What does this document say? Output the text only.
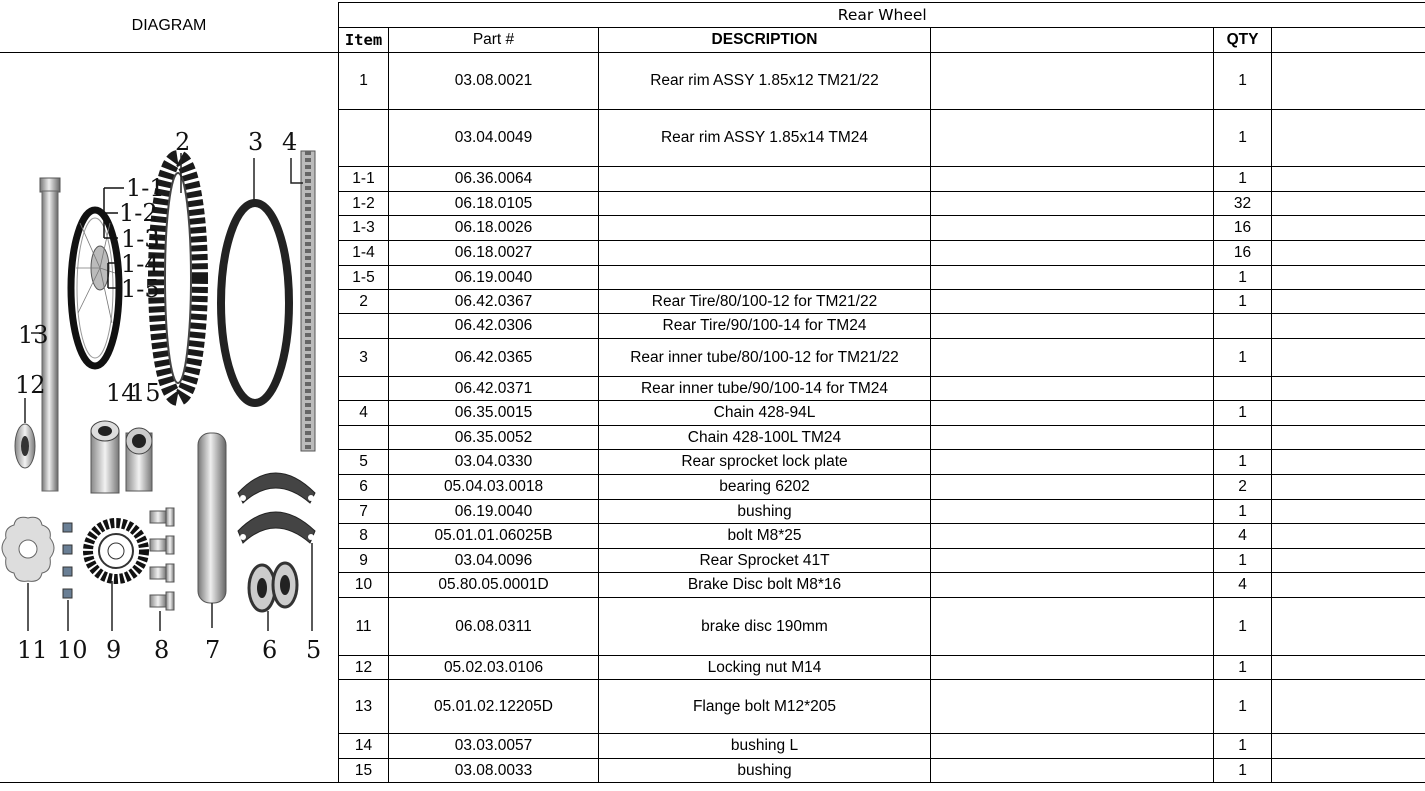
DIAGRAM
1-1
1-2
1-3
1-4
1-5
2 3 4
5
6
7
8
9
10
11
12
13
14
15
Rear Wheel					
Item	Part #	DESCRIPTION		QTY	
1	03.08.0021	Rear rim ASSY 1.85x12 TM21/22		1	
	03.04.0049	Rear rim ASSY 1.85x14 TM24		1	
1-1	06.36.0064			1	
1-2	06.18.0105			32	
1-3	06.18.0026			16	
1-4	06.18.0027			16	
1-5	06.19.0040			1	
2	06.42.0367	Rear Tire/80/100-12 for TM21/22		1	
	06.42.0306	Rear Tire/90/100-14 for TM24			
3	06.42.0365	Rear inner tube/80/100-12 for TM21/22		1	
	06.42.0371	Rear inner tube/90/100-14 for TM24			
4	06.35.0015	Chain 428-94L		1	
	06.35.0052	Chain 428-100L TM24			
5	03.04.0330	Rear sprocket lock plate		1	
6	05.04.03.0018	bearing 6202		2	
7	06.19.0040	bushing		1	
8	05.01.01.06025B	bolt M8*25		4	
9	03.04.0096	Rear Sprocket 41T		1	
10	05.80.05.0001D	Brake Disc bolt M8*16		4	
11	06.08.0311	brake disc 190mm		1	
12	05.02.03.0106	Locking nut M14		1	
13	05.01.02.12205D	Flange bolt M12*205		1	
14	03.03.0057	bushing L		1	
15	03.08.0033	bushing		1	
